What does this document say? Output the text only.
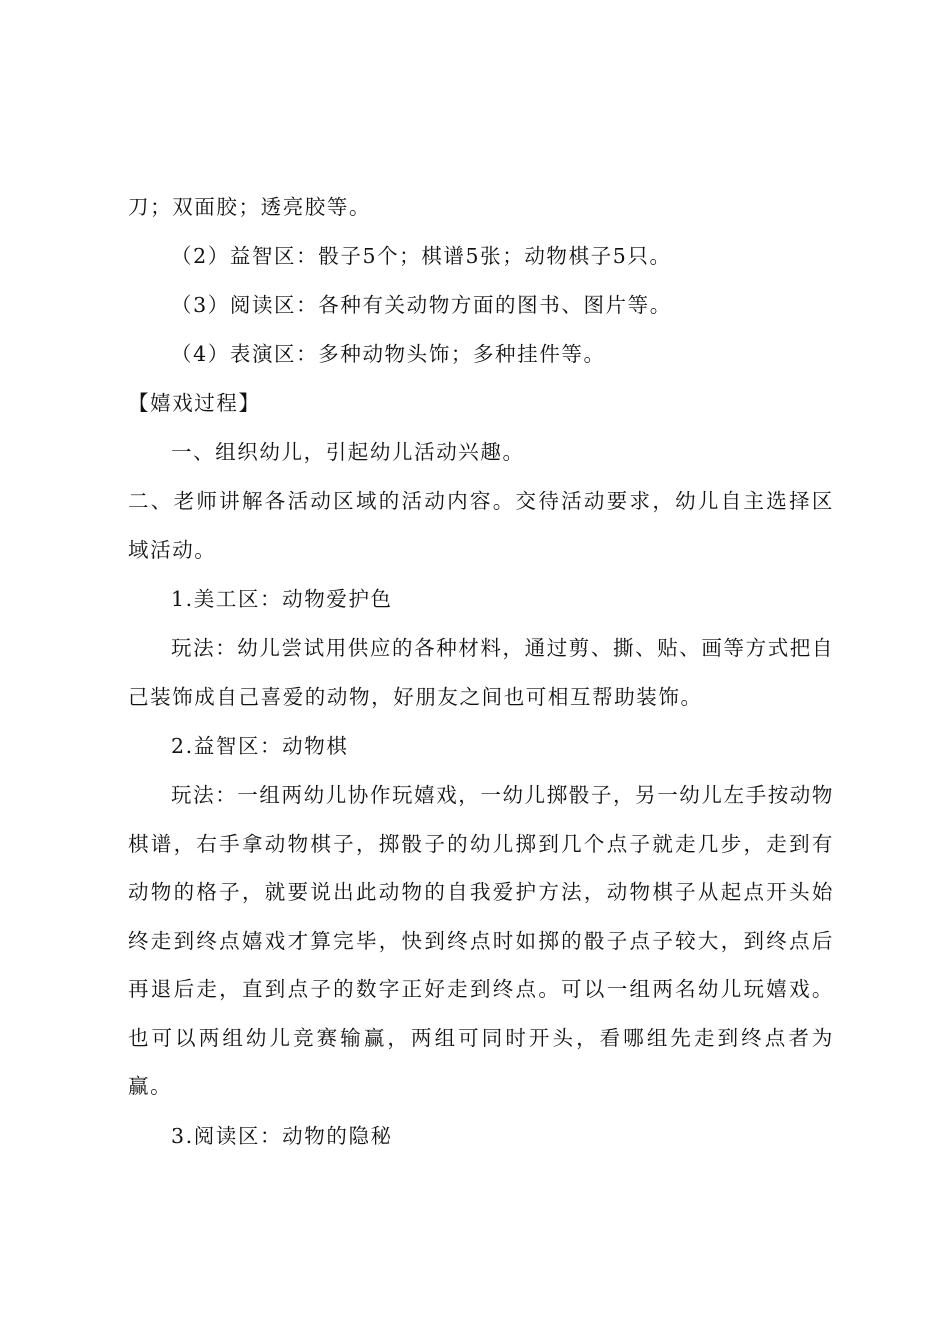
刀；双面胶；透亮胶等。

（2）益智区：骰子5个；棋谱5张；动物棋子5只。

（3）阅读区：各种有关动物方面的图书、图片等。

（4）表演区：多种动物头饰；多种挂件等。

【嬉戏过程】

一、组织幼儿，引起幼儿活动兴趣。

二、老师讲解各活动区域的活动内容。交待活动要求，幼儿自主选择区域活动。

1.美工区：动物爱护色

玩法：幼儿尝试用供应的各种材料，通过剪、撕、贴、画等方式把自己装饰成自己喜爱的动物，好朋友之间也可相互帮助装饰。

2.益智区：动物棋

玩法：一组两幼儿协作玩嬉戏，一幼儿掷骰子，另一幼儿左手按动物棋谱，右手拿动物棋子，掷骰子的幼儿掷到几个点子就走几步，走到有动物的格子，就要说出此动物的自我爱护方法，动物棋子从起点开头始终走到终点嬉戏才算完毕，快到终点时如掷的骰子点子较大，到终点后再退后走，直到点子的数字正好走到终点。可以一组两名幼儿玩嬉戏。也可以两组幼儿竞赛输赢，两组可同时开头，看哪组先走到终点者为赢。

3.阅读区：动物的隐秘
